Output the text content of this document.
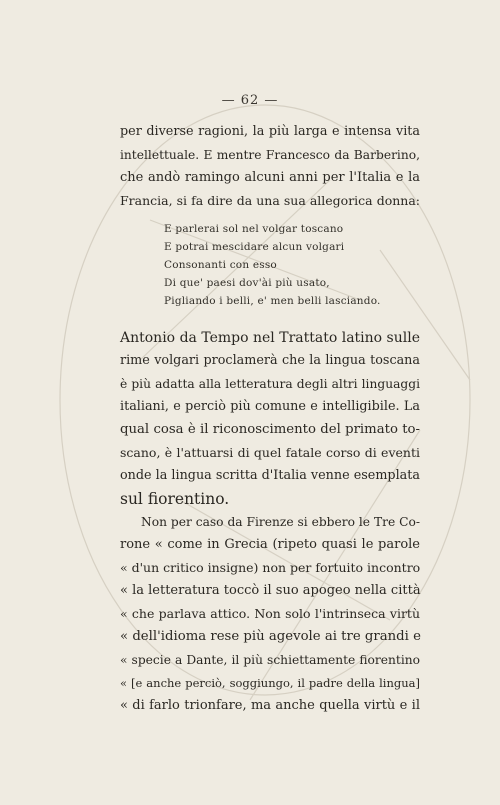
— 62 —
per diverse ragioni, la più larga e intensa vita
intellettuale. E mentre Francesco da Barberino,
che andò ramingo alcuni anni per l'Italia e la
Francia, si fa dire da una sua allegorica donna:
E parlerai sol nel volgar toscano
E potrai mescidare alcun volgari
Consonanti con esso
Di que' paesi dov'ài più usato,
Pigliando i belli, e' men belli lasciando.
Antonio da Tempo nel Trattato latino sulle
rime volgari proclamerà che la lingua toscana
è più adatta alla letteratura degli altri linguaggi
italiani, e perciò più comune e intelligibile. La
qual cosa è il riconoscimento del primato to-
scano, è l'attuarsi di quel fatale corso di eventi
onde la lingua scritta d'Italia venne esemplata
sul fiorentino.
Non per caso da Firenze si ebbero le Tre Co-
rone « come in Grecia (ripeto quasi le parole
« d'un critico insigne) non per fortuito incontro
« la letteratura toccò il suo apogeo nella città
« che parlava attico. Non solo l'intrinseca virtù
« dell'idioma rese più agevole ai tre grandi e
« specie a Dante, il più schiettamente fiorentino
« [e anche perciò, soggiungo, il padre della lingua]
« di farlo trionfare, ma anche quella virtù e il
